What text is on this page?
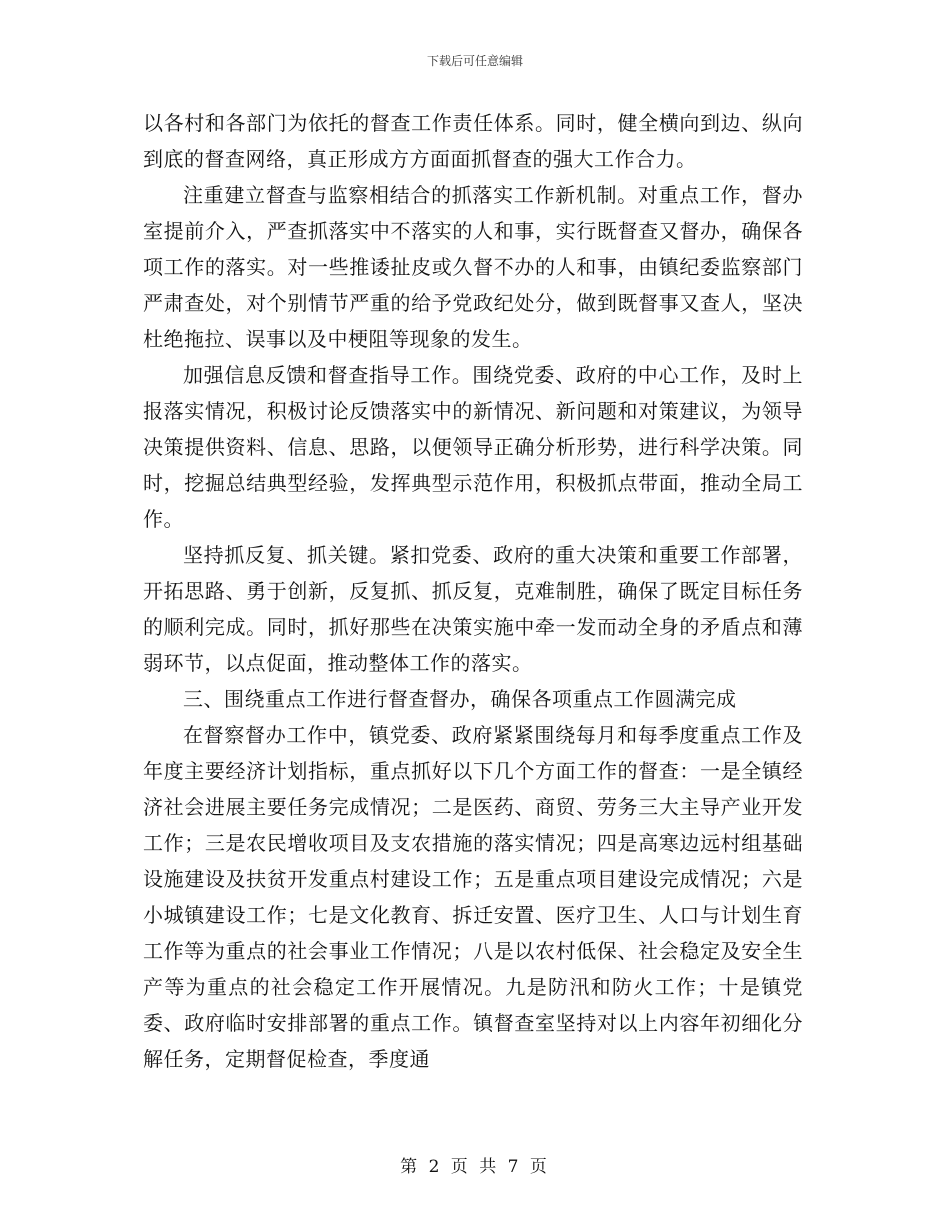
下载后可任意编辑

以各村和各部门为依托的督查工作责任体系。同时，健全横向到边、纵向到底的督查网络，真正形成方方面面抓督查的强大工作合力。

注重建立督查与监察相结合的抓落实工作新机制。对重点工作，督办室提前介入，严查抓落实中不落实的人和事，实行既督查又督办，确保各项工作的落实。对一些推诿扯皮或久督不办的人和事，由镇纪委监察部门严肃查处，对个别情节严重的给予党政纪处分，做到既督事又查人，坚决杜绝拖拉、误事以及中梗阻等现象的发生。

加强信息反馈和督查指导工作。围绕党委、政府的中心工作，及时上报落实情况，积极讨论反馈落实中的新情况、新问题和对策建议，为领导决策提供资料、信息、思路，以便领导正确分析形势，进行科学决策。同时，挖掘总结典型经验，发挥典型示范作用，积极抓点带面，推动全局工作。

坚持抓反复、抓关键。紧扣党委、政府的重大决策和重要工作部署，开拓思路、勇于创新，反复抓、抓反复，克难制胜，确保了既定目标任务的顺利完成。同时，抓好那些在决策实施中牵一发而动全身的矛盾点和薄弱环节，以点促面，推动整体工作的落实。

三、围绕重点工作进行督查督办，确保各项重点工作圆满完成

在督察督办工作中，镇党委、政府紧紧围绕每月和每季度重点工作及年度主要经济计划指标，重点抓好以下几个方面工作的督查：一是全镇经济社会进展主要任务完成情况；二是医药、商贸、劳务三大主导产业开发工作；三是农民增收项目及支农措施的落实情况；四是高寒边远村组基础设施建设及扶贫开发重点村建设工作；五是重点项目建设完成情况；六是小城镇建设工作；七是文化教育、拆迁安置、医疗卫生、人口与计划生育工作等为重点的社会事业工作情况；八是以农村低保、社会稳定及安全生产等为重点的社会稳定工作开展情况。九是防汛和防火工作；十是镇党委、政府临时安排部署的重点工作。镇督查室坚持对以上内容年初细化分解任务，定期督促检查，季度通

第 2 页 共 7 页
